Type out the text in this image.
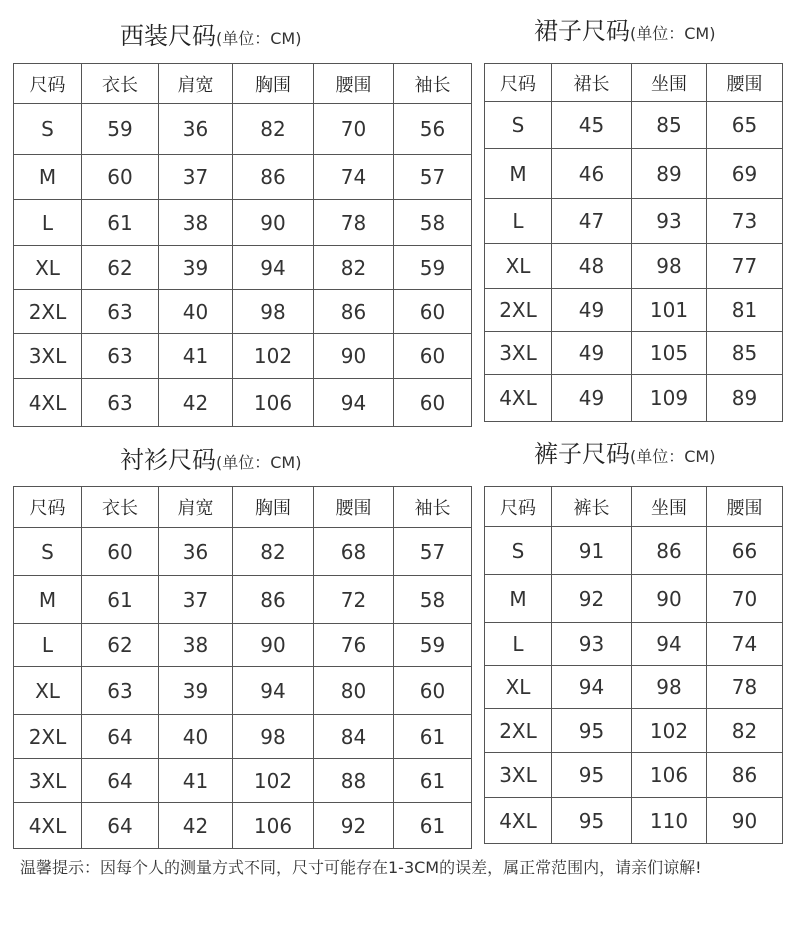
西装尺码(单位：CM)
尺码	衣长	肩宽	胸围	腰围	袖长
S	59	36	82	70	56
M	60	37	86	74	57
L	61	38	90	78	58
XL	62	39	94	82	59
2XL	63	40	98	86	60
3XL	63	41	102	90	60
4XL	63	42	106	94	60
裙子尺码(单位：CM)
尺码	裙长	坐围	腰围
S	45	85	65
M	46	89	69
L	47	93	73
XL	48	98	77
2XL	49	101	81
3XL	49	105	85
4XL	49	109	89
衬衫尺码(单位：CM)
尺码	衣长	肩宽	胸围	腰围	袖长
S	60	36	82	68	57
M	61	37	86	72	58
L	62	38	90	76	59
XL	63	39	94	80	60
2XL	64	40	98	84	61
3XL	64	41	102	88	61
4XL	64	42	106	92	61
裤子尺码(单位：CM)
尺码	裤长	坐围	腰围
S	91	86	66
M	92	90	70
L	93	94	74
XL	94	98	78
2XL	95	102	82
3XL	95	106	86
4XL	95	110	90
温馨提示：因每个人的测量方式不同，尺寸可能存在1-3CM的误差，属正常范围内，请亲们谅解!
